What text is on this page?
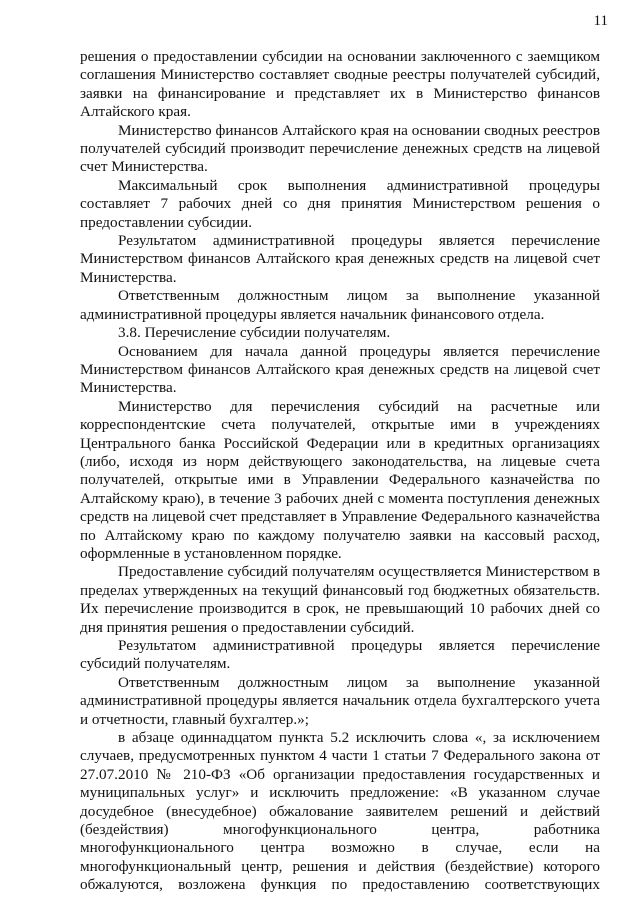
11

решения о предоставлении субсидии на основании заключенного с заемщиком соглашения Министерство составляет сводные реестры получателей субсидий, заявки на финансирование и представляет их в Министерство финансов Алтайского края.

Министерство финансов Алтайского края на основании сводных реестров получателей субсидий производит перечисление денежных средств на лицевой счет Министерства.

Максимальный срок выполнения административной процедуры составляет 7 рабочих дней со дня принятия Министерством решения о предоставлении субсидии.

Результатом административной процедуры является перечисление Министерством финансов Алтайского края денежных средств на лицевой счет Министерства.

Ответственным должностным лицом за выполнение указанной административной процедуры является начальник финансового отдела.

3.8. Перечисление субсидии получателям.

Основанием для начала данной процедуры является перечисление Министерством финансов Алтайского края денежных средств на лицевой счет Министерства.

Министерство для перечисления субсидий на расчетные или корреспондентские счета получателей, открытые ими в учреждениях Центрального банка Российской Федерации или в кредитных организациях (либо, исходя из норм действующего законодательства, на лицевые счета получателей, открытые ими в Управлении Федерального казначейства по Алтайскому краю), в течение 3 рабочих дней с момента поступления денежных средств на лицевой счет представляет в Управление Федерального казначейства по Алтайскому краю по каждому получателю заявки на кассовый расход, оформленные в установленном порядке.

Предоставление субсидий получателям осуществляется Министерством в пределах утвержденных на текущий финансовый год бюджетных обязательств. Их перечисление производится в срок, не превышающий 10 рабочих дней со дня принятия решения о предоставлении субсидий.

Результатом административной процедуры является перечисление субсидий получателям.

Ответственным должностным лицом за выполнение указанной административной процедуры является начальник отдела бухгалтерского учета и отчетности, главный бухгалтер.»;

в абзаце одиннадцатом пункта 5.2 исключить слова «, за исключением случаев, предусмотренных пунктом 4 части 1 статьи 7 Федерального закона от 27.07.2010 № 210-ФЗ «Об организации предоставления государственных и муниципальных услуг» и исключить предложение: «В указанном случае досудебное (внесудебное) обжалование заявителем решений и действий (бездействия) многофункционального центра, работника многофункционального центра возможно в случае, если на многофункциональный центр, решения и действия (бездействие) которого обжалуются, возложена функция по предоставлению соответствующих
